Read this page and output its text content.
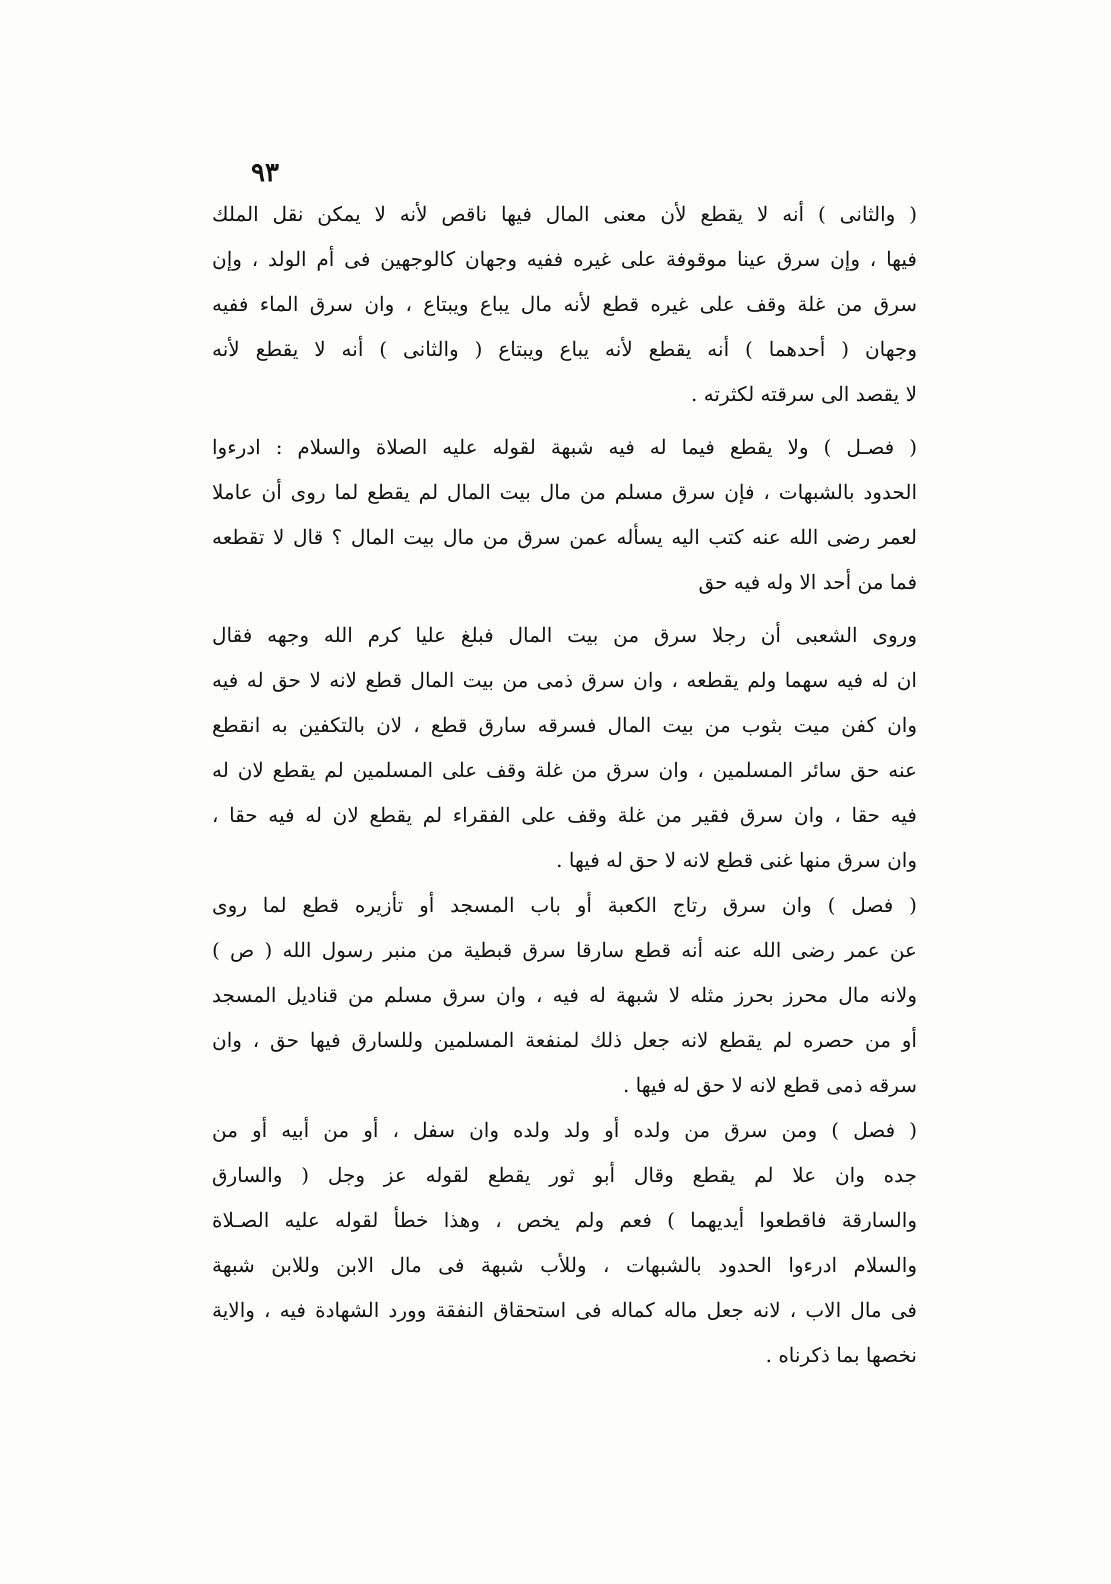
٩٣
( والثانى ) أنه لا يقطع لأن معنى المال فيها ناقص لأنه لا يمكن نقل الملك
فيها ، وإن سرق عينا موقوفة على غيره ففيه وجهان كالوجهين فى أم الولد ، وإن
سرق من غلة وقف على غيره قطع لأنه مال يباع ويبتاع ، وان سرق الماء ففيه
وجهان ( أحدهما ) أنه يقطع لأنه يباع ويبتاع ( والثانى ) أنه لا يقطع لأنه
لا يقصد الى سرقته لكثرته .
( فصـل ) ولا يقطع فيما له فيه شبهة لقوله عليه الصلاة والسلام : ادرءوا
الحدود بالشبهات ، فإن سرق مسلم من مال بيت المال لم يقطع لما روى أن عاملا
لعمر رضى الله عنه كتب اليه يسأله عمن سرق من مال بيت المال ؟ قال لا تقطعه
فما من أحد الا وله فيه حق
وروى الشعبى أن رجلا سرق من بيت المال فبلغ عليا كرم الله وجهه فقال
ان له فيه سهما ولم يقطعه ، وان سرق ذمى من بيت المال قطع لانه لا حق له فيه
وان كفن ميت بثوب من بيت المال فسرقه سارق قطع ، لان بالتكفين به انقطع
عنه حق سائر المسلمين ، وان سرق من غلة وقف على المسلمين لم يقطع لان له
فيه حقا ، وان سرق فقير من غلة وقف على الفقراء لم يقطع لان له فيه حقا ،
وان سرق منها غنى قطع لانه لا حق له فيها .
( فصل ) وان سرق رتاج الكعبة أو باب المسجد أو تأزيره قطع لما روى
عن عمر رضى الله عنه أنه قطع سارقا سرق قبطية من منبر رسول الله ( ص )
ولانه مال محرز بحرز مثله لا شبهة له فيه ، وان سرق مسلم من قناديل المسجد
أو من حصره لم يقطع لانه جعل ذلك لمنفعة المسلمين وللسارق فيها حق ، وان
سرقه ذمى قطع لانه لا حق له فيها .
( فصل ) ومن سرق من ولده أو ولد ولده وان سفل ، أو من أبيه أو من
جده وان علا لم يقطع وقال أبو ثور يقطع لقوله عز وجل ( والسارق
والسارقة فاقطعوا أيديهما ) فعم ولم يخص ، وهذا خطأ لقوله عليه الصـلاة
والسلام ادرءوا الحدود بالشبهات ، وللأب شبهة فى مال الابن وللابن شبهة
فى مال الاب ، لانه جعل ماله كماله فى استحقاق النفقة وورد الشهادة فيه ، والاية
نخصها بما ذكرناه .
